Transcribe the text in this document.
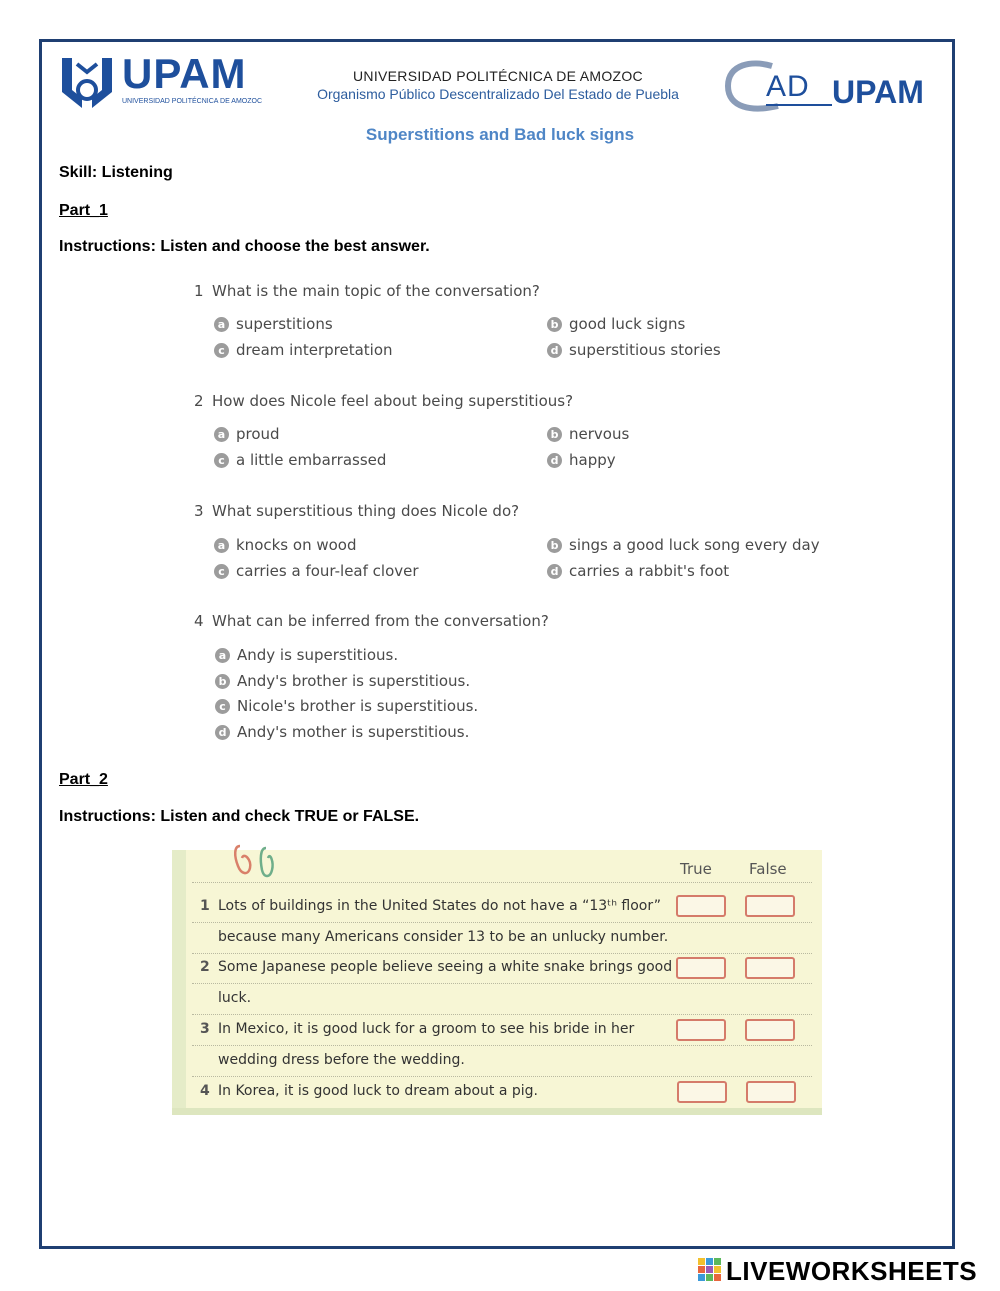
UPAM
UNIVERSIDAD POLITÉCNICA DE AMOZOC
UNIVERSIDAD POLITÉCNICA DE AMOZOC
Organismo Público Descentralizado Del Estado de Puebla	AD UPAM
Superstitions and Bad luck signs
Skill: Listening
Part_1
Instructions: Listen and choose the best answer.
1 What is the main topic of the conversation?
a superstitions	b good luck signs
c dream interpretation	d superstitious stories
2 How does Nicole feel about being superstitious?
a proud	b nervous
c a little embarrassed	d happy
3 What superstitious thing does Nicole do?
a knocks on wood	b sings a good luck song every day
c carries a four-leaf clover	d carries a rabbit's foot
4 What can be inferred from the conversation?
a Andy is superstitious.
b Andy's brother is superstitious.
c Nicole's brother is superstitious.
d Andy's mother is superstitious.
Part_2
Instructions: Listen and check TRUE or FALSE.
True False
1 Lots of buildings in the United States do not have a “13ᵗʰ floor”
because many Americans consider 13 to be an unlucky number.
2 Some Japanese people believe seeing a white snake brings good
luck.
3 In Mexico, it is good luck for a groom to see his bride in her
wedding dress before the wedding.
4 In Korea, it is good luck to dream about a pig.
LIVEWORKSHEETS
